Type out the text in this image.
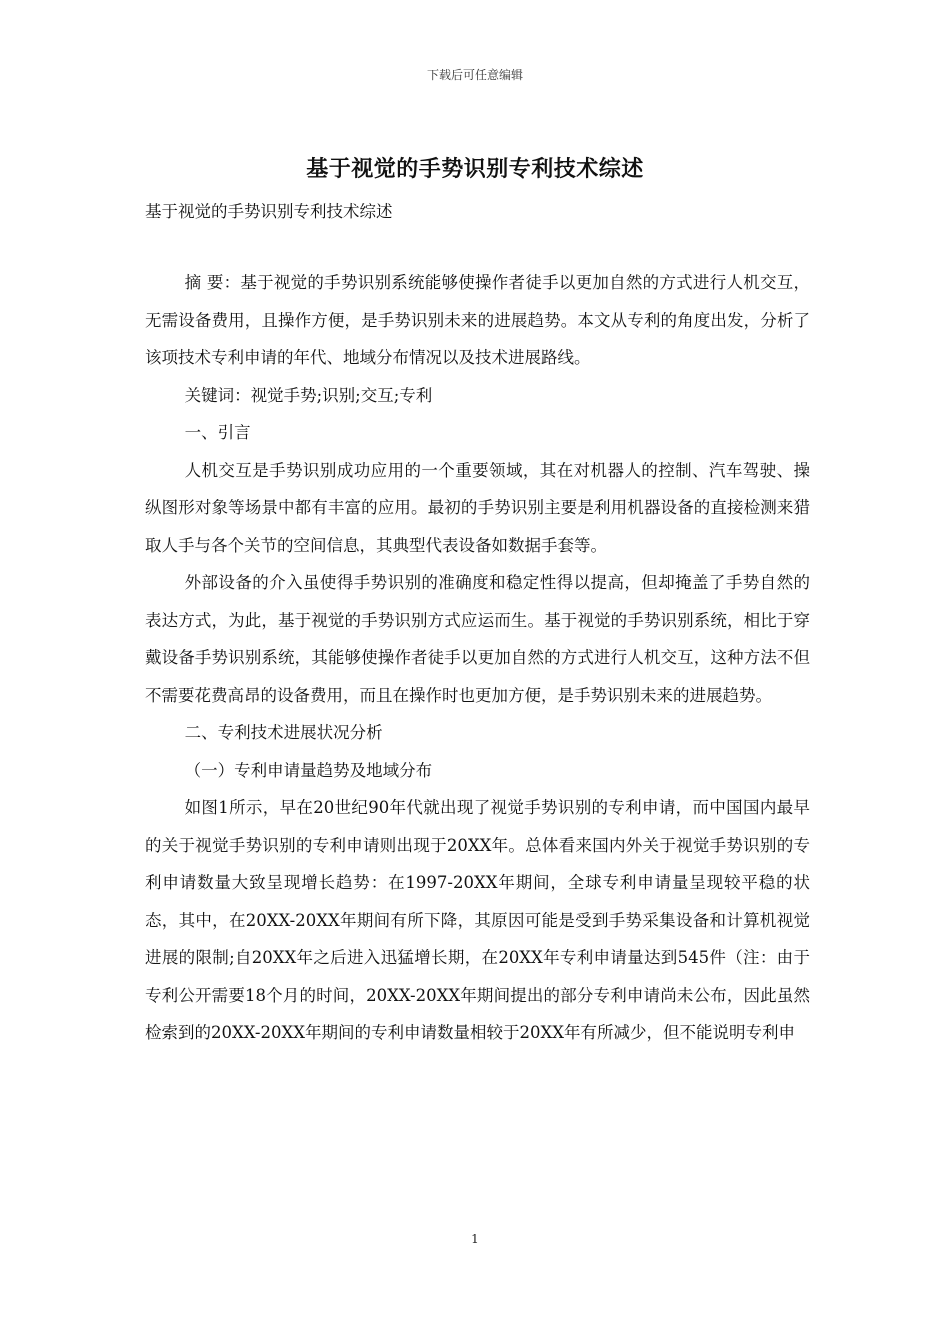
下载后可任意编辑
基于视觉的手势识别专利技术综述

基于视觉的手势识别专利技术综述

摘 要：基于视觉的手势识别系统能够使操作者徒手以更加自然的方式进行人机交互，无需设备费用，且操作方便，是手势识别未来的进展趋势。本文从专利的角度出发，分析了该项技术专利申请的年代、地域分布情况以及技术进展路线。

关键词：视觉手势;识别;交互;专利

一、引言

人机交互是手势识别成功应用的一个重要领域，其在对机器人的控制、汽车驾驶、操纵图形对象等场景中都有丰富的应用。最初的手势识别主要是利用机器设备的直接检测来猎取人手与各个关节的空间信息，其典型代表设备如数据手套等。

外部设备的介入虽使得手势识别的准确度和稳定性得以提高，但却掩盖了手势自然的表达方式，为此，基于视觉的手势识别方式应运而生。基于视觉的手势识别系统，相比于穿戴设备手势识别系统，其能够使操作者徒手以更加自然的方式进行人机交互，这种方法不但不需要花费高昂的设备费用，而且在操作时也更加方便，是手势识别未来的进展趋势。

二、专利技术进展状况分析

（一）专利申请量趋势及地域分布

如图1所示，早在20世纪90年代就出现了视觉手势识别的专利申请，而中国国内最早的关于视觉手势识别的专利申请则出现于20XX年。总体看来国内外关于视觉手势识别的专利申请数量大致呈现增长趋势：在1997-20XX年期间，全球专利申请量呈现较平稳的状态，其中，在20XX-20XX年期间有所下降，其原因可能是受到手势采集设备和计算机视觉进展的限制;自20XX年之后进入迅猛增长期，在20XX年专利申请量达到545件（注：由于专利公开需要18个月的时间，20XX-20XX年期间提出的部分专利申请尚未公布，因此虽然检索到的20XX-20XX年期间的专利申请数量相较于20XX年有所减少，但不能说明专利申

1
